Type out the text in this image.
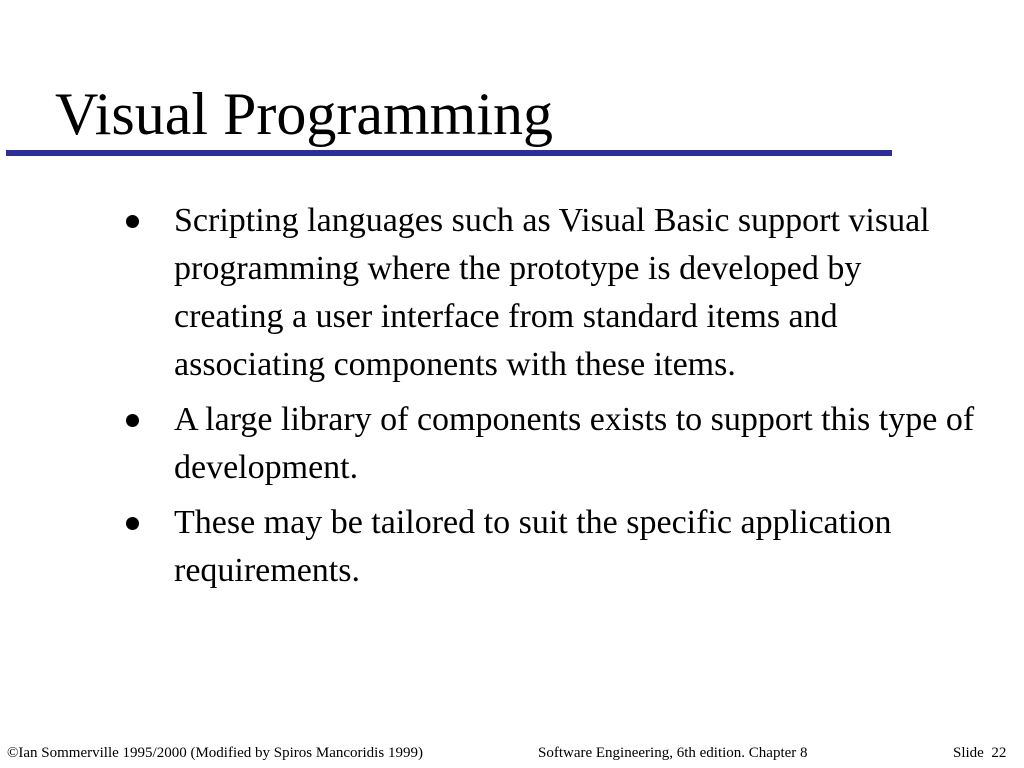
Visual Programming
Scripting languages such as Visual Basic support visual programming where the prototype is developed by creating a user interface from standard items and associating components with these items.
A large library of components exists to support this type of development.
These may be tailored to suit the specific application requirements.
©Ian Sommerville 1995/2000 (Modified by Spiros Mancoridis 1999)	Software Engineering, 6th edition. Chapter 8	Slide  22
